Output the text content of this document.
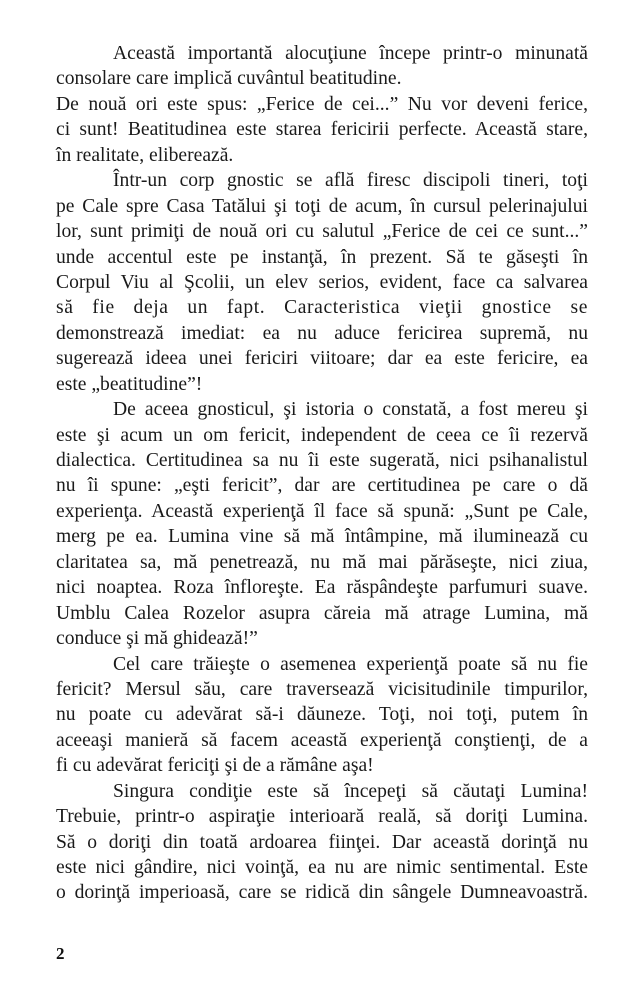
Această importantă alocuţiune începe printr-o minunată
consolare care implică cuvântul beatitudine.
De nouă ori este spus: „Ferice de cei...” Nu vor deveni ferice,
ci sunt! Beatitudinea este starea fericirii perfecte. Această stare,
în realitate, eliberează.
Într-un corp gnostic se află firesc discipoli tineri, toţi
pe Cale spre Casa Tatălui şi toţi de acum, în cursul pelerinajului
lor, sunt primiţi de nouă ori cu salutul „Ferice de cei ce sunt...”
unde accentul este pe instanţă, în prezent. Să te găseşti în
Corpul Viu al Şcolii, un elev serios, evident, face ca salvarea
să fie deja un fapt. Caracteristica vieţii gnostice se
demonstrează imediat: ea nu aduce fericirea supremă, nu
sugerează ideea unei fericiri viitoare; dar ea este fericire, ea
este „beatitudine”!
De aceea gnosticul, şi istoria o constată, a fost mereu şi
este şi acum un om fericit, independent de ceea ce îi rezervă
dialectica. Certitudinea sa nu îi este sugerată, nici psihanalistul
nu îi spune: „eşti fericit”, dar are certitudinea pe care o dă
experienţa. Această experienţă îl face să spună: „Sunt pe Cale,
merg pe ea. Lumina vine să mă întâmpine, mă iluminează cu
claritatea sa, mă penetrează, nu mă mai părăseşte, nici ziua,
nici noaptea. Roza înfloreşte. Ea răspândeşte parfumuri suave.
Umblu Calea Rozelor asupra căreia mă atrage Lumina, mă
conduce şi mă ghidează!”
Cel care trăieşte o asemenea experienţă poate să nu fie
fericit? Mersul său, care traversează vicisitudinile timpurilor,
nu poate cu adevărat să-i dăuneze. Toţi, noi toţi, putem în
aceeaşi manieră să facem această experienţă conştienţi, de a
fi cu adevărat fericiţi şi de a rămâne aşa!
Singura condiţie este să începeţi să căutaţi Lumina!
Trebuie, printr-o aspiraţie interioară reală, să doriţi Lumina.
Să o doriţi din toată ardoarea fiinţei. Dar această dorinţă nu
este nici gândire, nici voinţă, ea nu are nimic sentimental. Este
o dorinţă imperioasă, care se ridică din sângele Dumneavoastră.
2
